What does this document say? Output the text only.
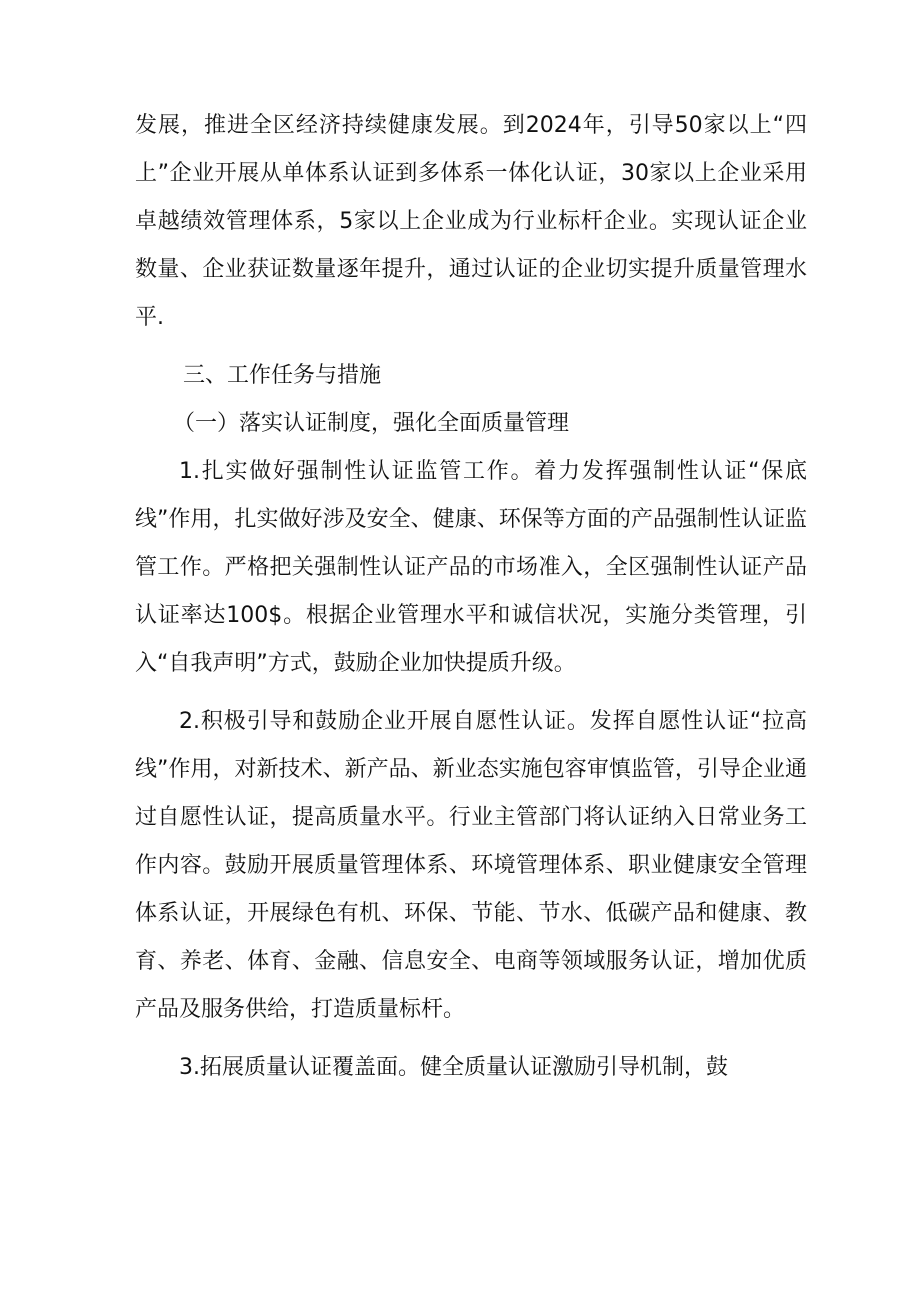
发展，推进全区经济持续健康发展。到2024年，引导50家以上“四上”企业开展从单体系认证到多体系一体化认证，30家以上企业采用卓越绩效管理体系，5家以上企业成为行业标杆企业。实现认证企业数量、企业获证数量逐年提升，通过认证的企业切实提升质量管理水平.

三、工作任务与措施

（一）落实认证制度，强化全面质量管理

1.扎实做好强制性认证监管工作。着力发挥强制性认证“保底线”作用，扎实做好涉及安全、健康、环保等方面的产品强制性认证监管工作。严格把关强制性认证产品的市场准入，全区强制性认证产品认证率达100$。根据企业管理水平和诚信状况，实施分类管理，引入“自我声明”方式，鼓励企业加快提质升级。

2.积极引导和鼓励企业开展自愿性认证。发挥自愿性认证“拉高线”作用，对新技术、新产品、新业态实施包容审慎监管，引导企业通过自愿性认证，提高质量水平。行业主管部门将认证纳入日常业务工作内容。鼓励开展质量管理体系、环境管理体系、职业健康安全管理体系认证，开展绿色有机、环保、节能、节水、低碳产品和健康、教育、养老、体育、金融、信息安全、电商等领域服务认证，增加优质产品及服务供给，打造质量标杆。

3.拓展质量认证覆盖面。健全质量认证激励引导机制，鼓
